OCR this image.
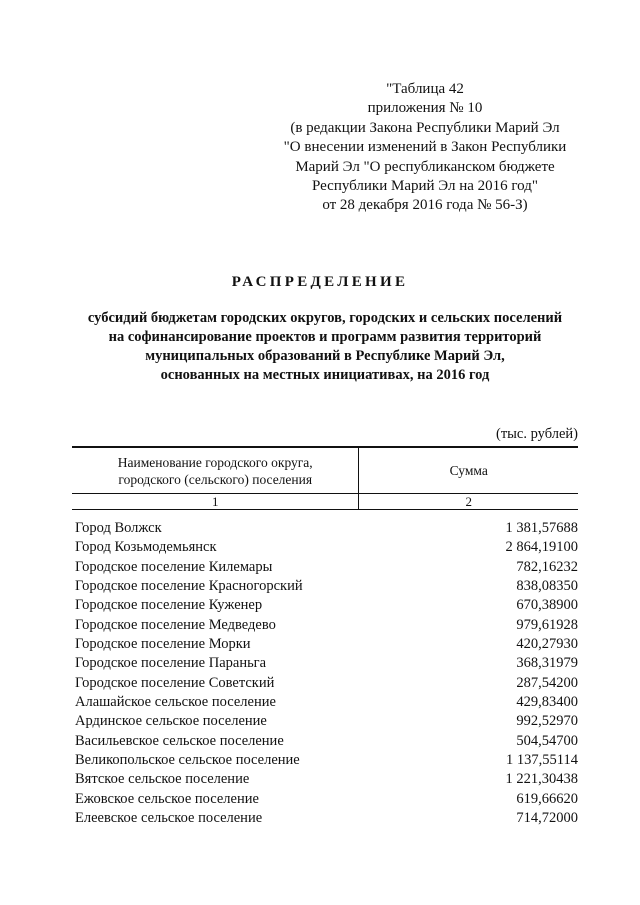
"Таблица 42
приложения № 10
(в редакции Закона Республики Марий Эл
"О внесении изменений в Закон Республики
Марий Эл "О республиканском бюджете
Республики Марий Эл на 2016 год"
от 28 декабря 2016 года № 56-З)
РАСПРЕДЕЛЕНИЕ
субсидий бюджетам городских округов, городских и сельских поселений
на софинансирование проектов и программ развития территорий
муниципальных образований в Республике Марий Эл,
основанных на местных инициативах, на 2016 год
(тыс. рублей)
Наименование городского округа,
городского (сельского) поселения	Сумма

1	2
Город Волжск	1 381,57688
Город Козьмодемьянск	2 864,19100
Городское поселение Килемары	782,16232
Городское поселение Красногорский	838,08350
Городское поселение Куженер	670,38900
Городское поселение Медведево	979,61928
Городское поселение Морки	420,27930
Городское поселение Параньга	368,31979
Городское поселение Советский	287,54200
Алашайское сельское поселение	429,83400
Ардинское сельское поселение	992,52970
Васильевское сельское поселение	504,54700
Великопольское сельское поселение	1 137,55114
Вятское сельское поселение	1 221,30438
Ежовское сельское поселение	619,66620
Елеевское сельское поселение	714,72000
